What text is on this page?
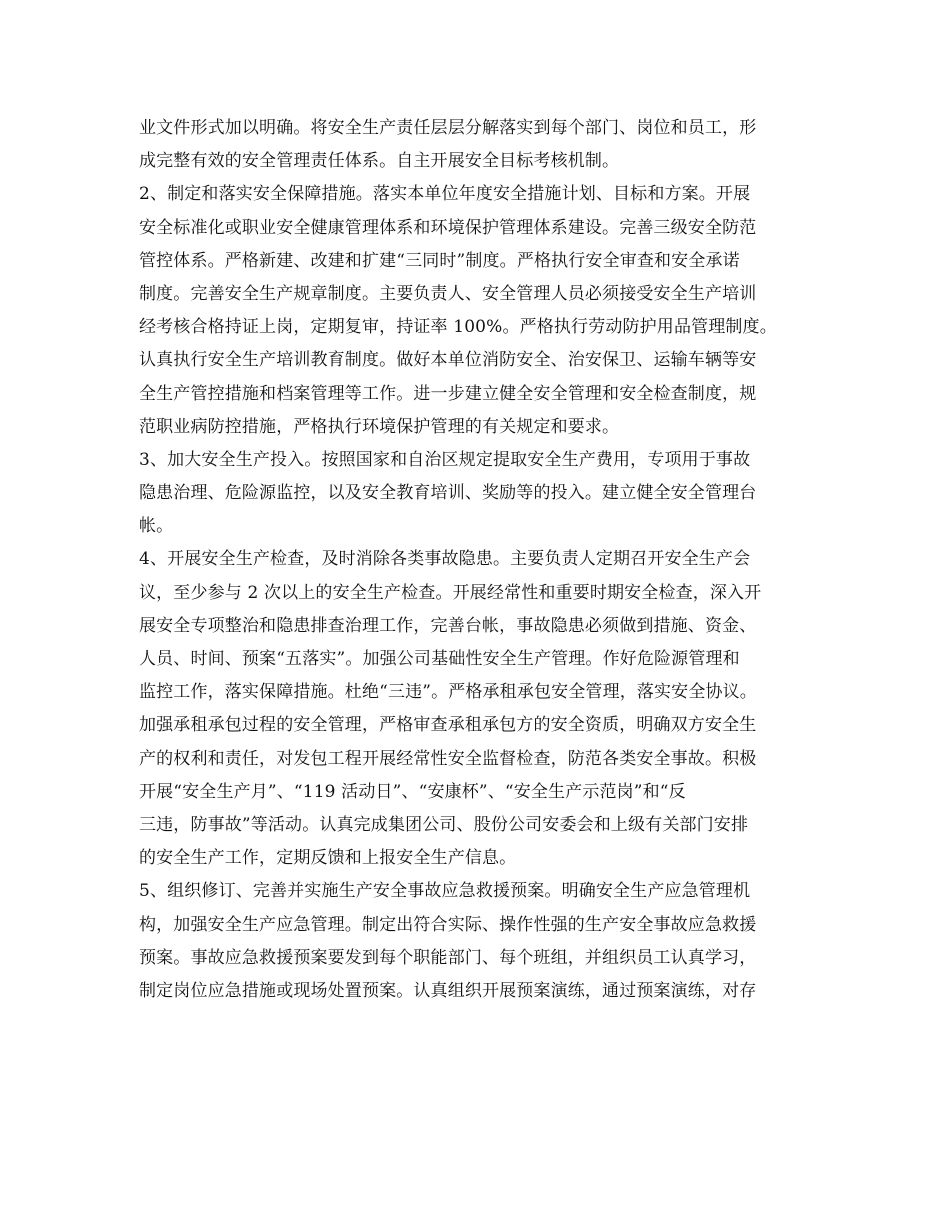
业文件形式加以明确。将安全生产责任层层分解落实到每个部门、岗位和员工，形
成完整有效的安全管理责任体系。自主开展安全目标考核机制。
2、制定和落实安全保障措施。落实本单位年度安全措施计划、目标和方案。开展
安全标准化或职业安全健康管理体系和环境保护管理体系建设。完善三级安全防范
管控体系。严格新建、改建和扩建“三同时”制度。严格执行安全审查和安全承诺
制度。完善安全生产规章制度。主要负责人、安全管理人员必须接受安全生产培训
经考核合格持证上岗，定期复审，持证率 100%。严格执行劳动防护用品管理制度。
认真执行安全生产培训教育制度。做好本单位消防安全、治安保卫、运输车辆等安
全生产管控措施和档案管理等工作。进一步建立健全安全管理和安全检查制度，规
范职业病防控措施，严格执行环境保护管理的有关规定和要求。
3、加大安全生产投入。按照国家和自治区规定提取安全生产费用，专项用于事故
隐患治理、危险源监控，以及安全教育培训、奖励等的投入。建立健全安全管理台
帐。
4、开展安全生产检查，及时消除各类事故隐患。主要负责人定期召开安全生产会
议，至少参与 2 次以上的安全生产检查。开展经常性和重要时期安全检查，深入开
展安全专项整治和隐患排查治理工作，完善台帐，事故隐患必须做到措施、资金、
人员、时间、预案“五落实”。加强公司基础性安全生产管理。作好危险源管理和
监控工作，落实保障措施。杜绝“三违”。严格承租承包安全管理，落实安全协议。
加强承租承包过程的安全管理，严格审查承租承包方的安全资质，明确双方安全生
产的权利和责任，对发包工程开展经常性安全监督检查，防范各类安全事故。积极
开展“安全生产月”、“119 活动日”、“安康杯”、“安全生产示范岗”和“反
三违，防事故”等活动。认真完成集团公司、股份公司安委会和上级有关部门安排
的安全生产工作，定期反馈和上报安全生产信息。
5、组织修订、完善并实施生产安全事故应急救援预案。明确安全生产应急管理机
构，加强安全生产应急管理。制定出符合实际、操作性强的生产安全事故应急救援
预案。事故应急救援预案要发到每个职能部门、每个班组，并组织员工认真学习，
制定岗位应急措施或现场处置预案。认真组织开展预案演练，通过预案演练，对存
